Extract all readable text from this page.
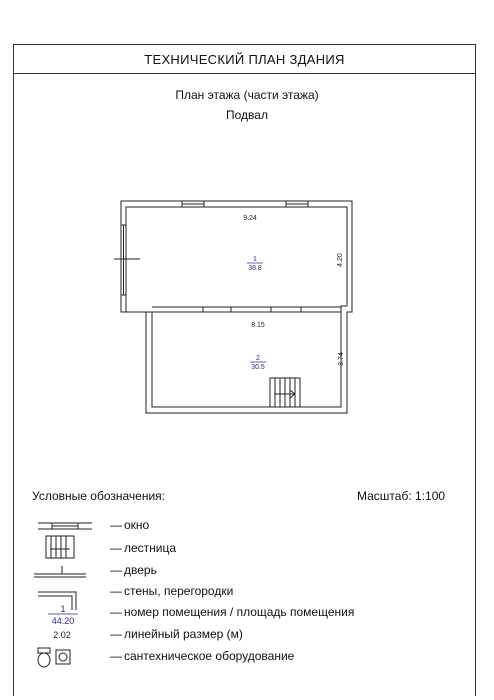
ТЕХНИЧЕСКИЙ ПЛАН ЗДАНИЯ
План этажа (части этажа)
Подвал
9.24
4.20
8.15
3.74
1
38.8
2
30.5
Условные обозначения:	Масштаб: 1:100
1
44.20
2.02
— окно
— лестница
— дверь
— стены, перегородки
— номер помещения / площадь помещения
— линейный размер (м)
— сантехническое оборудование
